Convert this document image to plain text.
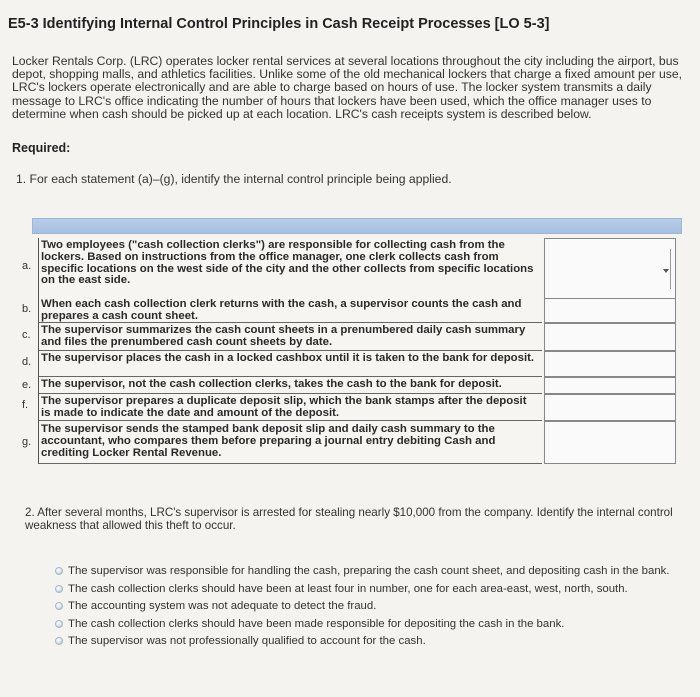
E5-3 Identifying Internal Control Principles in Cash Receipt Processes [LO 5-3]
Locker Rentals Corp. (LRC) operates locker rental services at several locations throughout the city including the airport, bus depot, shopping malls, and athletics facilities. Unlike some of the old mechanical lockers that charge a fixed amount per use, LRC's lockers operate electronically and are able to charge based on hours of use. The locker system transmits a daily message to LRC's office indicating the number of hours that lockers have been used, which the office manager uses to determine when cash should be picked up at each location. LRC's cash receipts system is described below.
Required:
1. For each statement (a)–(g), identify the internal control principle being applied.
a.
Two employees ("cash collection clerks") are responsible for collecting cash from the lockers. Based on instructions from the office manager, one clerk collects cash from specific locations on the west side of the city and the other collects from specific locations on the east side.
b. When each cash collection clerk returns with the cash, a supervisor counts the cash and prepares a cash count sheet.
c. The supervisor summarizes the cash count sheets in a prenumbered daily cash summary and files the prenumbered cash count sheets by date.
d. The supervisor places the cash in a locked cashbox until it is taken to the bank for deposit.
e. The supervisor, not the cash collection clerks, takes the cash to the bank for deposit.
f. The supervisor prepares a duplicate deposit slip, which the bank stamps after the deposit is made to indicate the date and amount of the deposit.
g.
The supervisor sends the stamped bank deposit slip and daily cash summary to the accountant, who compares them before preparing a journal entry debiting Cash and crediting Locker Rental Revenue.
2. After several months, LRC's supervisor is arrested for stealing nearly $10,000 from the company. Identify the internal control weakness that allowed this theft to occur.
The supervisor was responsible for handling the cash, preparing the cash count sheet, and depositing cash in the bank.
The cash collection clerks should have been at least four in number, one for each area-east, west, north, south.
The accounting system was not adequate to detect the fraud.
The cash collection clerks should have been made responsible for depositing the cash in the bank.
The supervisor was not professionally qualified to account for the cash.
